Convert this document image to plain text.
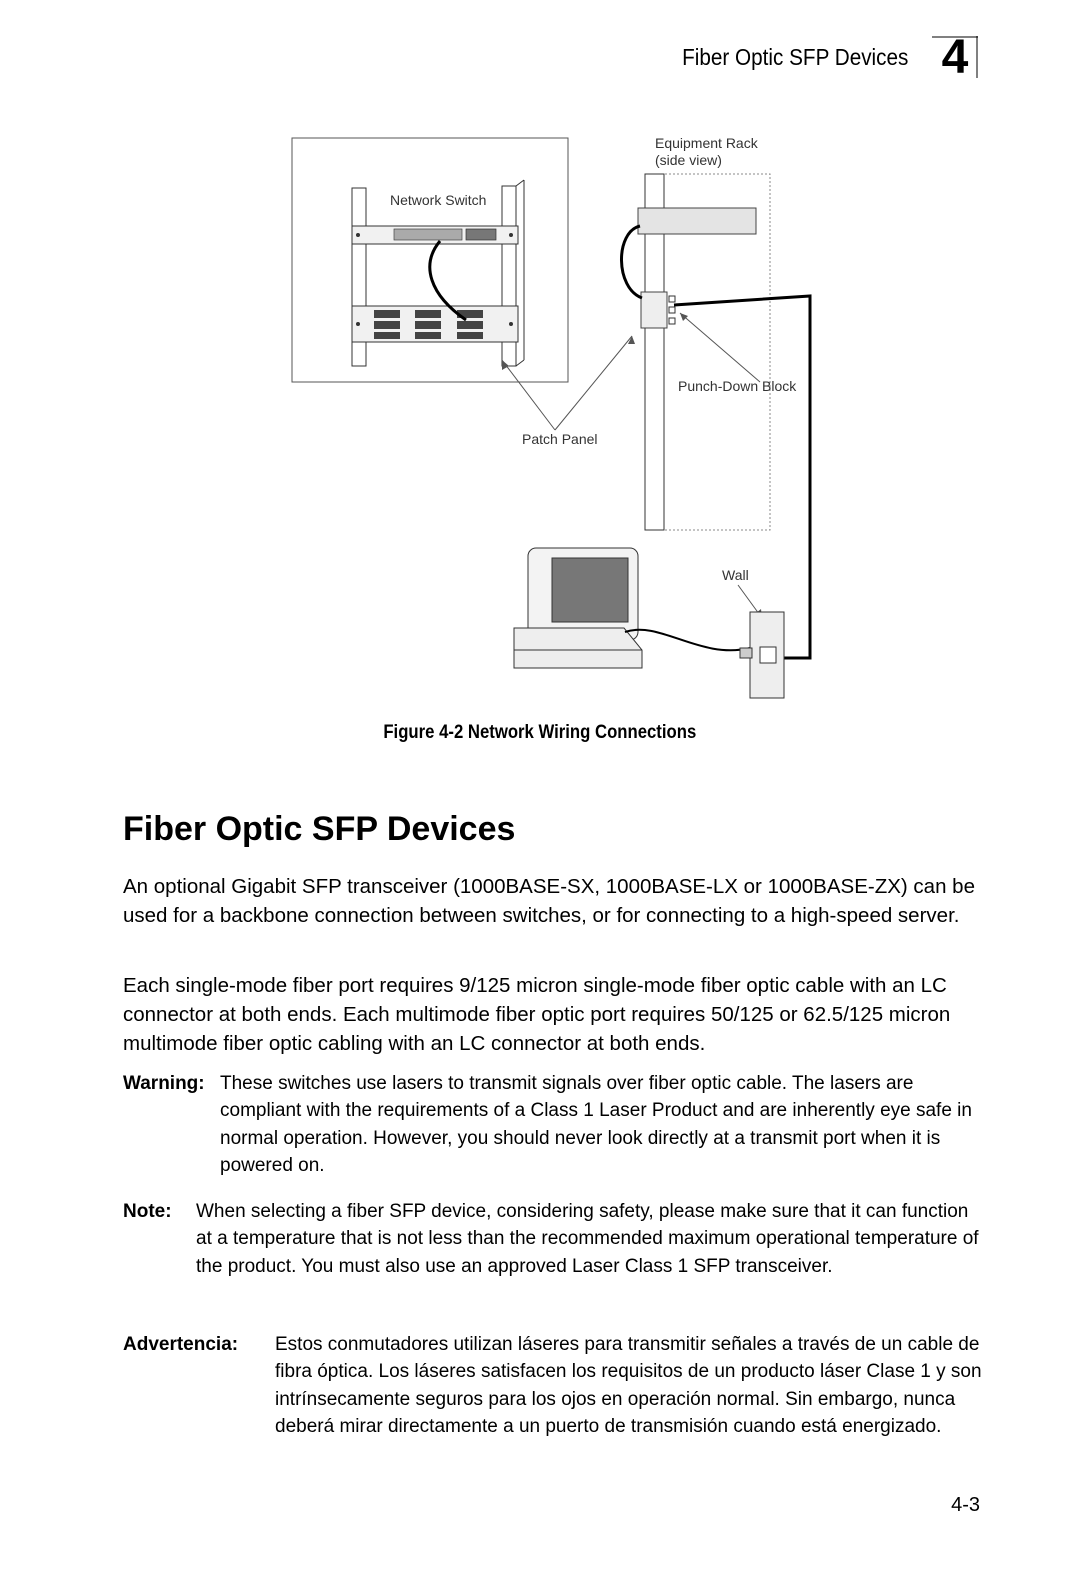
Fiber Optic SFP Devices 4
Equipment Rack
(side view)
Network Switch
Punch-Down Block
Patch Panel
Wall
Figure 4-2 Network Wiring Connections
Fiber Optic SFP Devices

An optional Gigabit SFP transceiver (1000BASE-SX, 1000BASE-LX or 1000BASE-ZX) can be used for a backbone connection between switches, or for connecting to a high-speed server.

Each single-mode fiber port requires 9/125 micron single-mode fiber optic cable with an LC connector at both ends. Each multimode fiber optic port requires 50/125 or 62.5/125 micron multimode fiber optic cabling with an LC connector at both ends.

Warning: These switches use lasers to transmit signals over fiber optic cable. The lasers are compliant with the requirements of a Class 1 Laser Product and are inherently eye safe in normal operation. However, you should never look directly at a transmit port when it is powered on.
Note: When selecting a fiber SFP device, considering safety, please make sure that it can function at a temperature that is not less than the recommended maximum operational temperature of the product. You must also use an approved Laser Class 1 SFP transceiver.
Advertencia: Estos conmutadores utilizan láseres para transmitir señales a través de un cable de fibra óptica. Los láseres satisfacen los requisitos de un producto láser Clase 1 y son intrínsecamente seguros para los ojos en operación normal. Sin embargo, nunca deberá mirar directamente a un puerto de transmisión cuando está energizado.
4-3
